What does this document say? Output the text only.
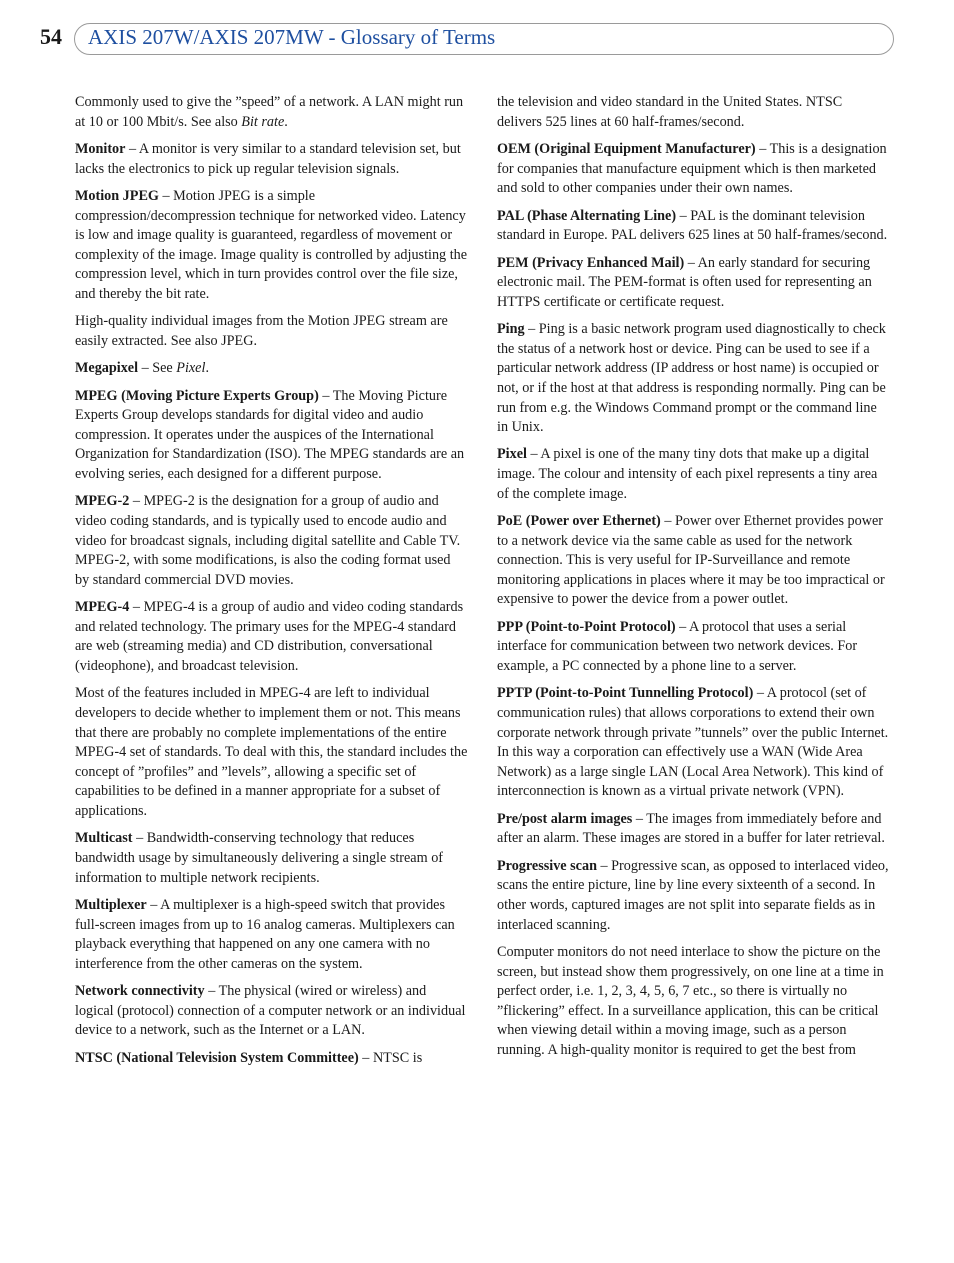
54 AXIS 207W/AXIS 207MW - Glossary of Terms

Commonly used to give the ”speed” of a network. A LAN might run at 10 or 100 Mbit/s. See also Bit rate.

Monitor – A monitor is very similar to a standard television set, but lacks the electronics to pick up regular television signals.

Motion JPEG – Motion JPEG is a simple compression/decompression technique for networked video. Latency is low and image quality is guaranteed, regardless of movement or complexity of the image. Image quality is controlled by adjusting the compression level, which in turn provides control over the file size, and thereby the bit rate.

High-quality individual images from the Motion JPEG stream are easily extracted. See also JPEG.

Megapixel – See Pixel.

MPEG (Moving Picture Experts Group) – The Moving Picture Experts Group develops standards for digital video and audio compression. It operates under the auspices of the International Organization for Standardization (ISO). The MPEG standards are an evolving series, each designed for a different purpose.

MPEG-2 – MPEG-2 is the designation for a group of audio and video coding standards, and is typically used to encode audio and video for broadcast signals, including digital satellite and Cable TV. MPEG-2, with some modifications, is also the coding format used by standard commercial DVD movies.

MPEG-4 – MPEG-4 is a group of audio and video coding standards and related technology. The primary uses for the MPEG-4 standard are web (streaming media) and CD distribution, conversational (videophone), and broadcast television.

Most of the features included in MPEG-4 are left to individual developers to decide whether to implement them or not. This means that there are probably no complete implementations of the entire MPEG-4 set of standards. To deal with this, the standard includes the concept of ”profiles” and ”levels”, allowing a specific set of capabilities to be defined in a manner appropriate for a subset of applications.

Multicast – Bandwidth-conserving technology that reduces bandwidth usage by simultaneously delivering a single stream of information to multiple network recipients.

Multiplexer – A multiplexer is a high-speed switch that provides full-screen images from up to 16 analog cameras. Multiplexers can playback everything that happened on any one camera with no interference from the other cameras on the system.

Network connectivity – The physical (wired or wireless) and logical (protocol) connection of a computer network or an individual device to a network, such as the Internet or a LAN.

NTSC (National Television System Committee) – NTSC is

the television and video standard in the United States. NTSC delivers 525 lines at 60 half-frames/second.

OEM (Original Equipment Manufacturer) – This is a designation for companies that manufacture equipment which is then marketed and sold to other companies under their own names.

PAL (Phase Alternating Line) – PAL is the dominant television standard in Europe. PAL delivers 625 lines at 50 half-frames/second.

PEM (Privacy Enhanced Mail) – An early standard for securing electronic mail. The PEM-format is often used for representing an HTTPS certificate or certificate request.

Ping – Ping is a basic network program used diagnostically to check the status of a network host or device. Ping can be used to see if a particular network address (IP address or host name) is occupied or not, or if the host at that address is responding normally. Ping can be run from e.g. the Windows Command prompt or the command line in Unix.

Pixel – A pixel is one of the many tiny dots that make up a digital image. The colour and intensity of each pixel represents a tiny area of the complete image.

PoE (Power over Ethernet) – Power over Ethernet provides power to a network device via the same cable as used for the network connection. This is very useful for IP-Surveillance and remote monitoring applications in places where it may be too impractical or expensive to power the device from a power outlet.

PPP (Point-to-Point Protocol) – A protocol that uses a serial interface for communication between two network devices. For example, a PC connected by a phone line to a server.

PPTP (Point-to-Point Tunnelling Protocol) – A protocol (set of communication rules) that allows corporations to extend their own corporate network through private ”tunnels” over the public Internet. In this way a corporation can effectively use a WAN (Wide Area Network) as a large single LAN (Local Area Network). This kind of interconnection is known as a virtual private network (VPN).

Pre/post alarm images – The images from immediately before and after an alarm. These images are stored in a buffer for later retrieval.

Progressive scan – Progressive scan, as opposed to interlaced video, scans the entire picture, line by line every sixteenth of a second. In other words, captured images are not split into separate fields as in interlaced scanning.

Computer monitors do not need interlace to show the picture on the screen, but instead show them progressively, on one line at a time in perfect order, i.e. 1, 2, 3, 4, 5, 6, 7 etc., so there is virtually no ”flickering” effect. In a surveillance application, this can be critical when viewing detail within a moving image, such as a person running. A high-quality monitor is required to get the best from
